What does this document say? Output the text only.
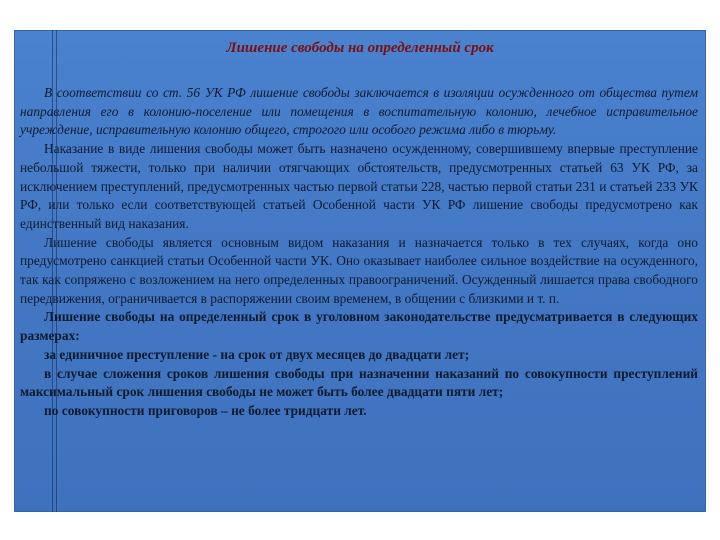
Лишение свободы на определенный срок

В соответствии со ст. 56 УК РФ лишение свободы заключается в изоляции осужденного от общества путем направления его в колонию-поселение или помещения в воспитательную колонию, лечебное исправительное учреждение, исправительную колонию общего, строгого или особого режима либо в тюрьму.

Наказание в виде лишения свободы может быть назначено осужденному, совершившему впервые преступление небольшой тяжести, только при наличии отягчающих обстоятельств, предусмотренных статьей 63 УК РФ, за исключением преступлений, предусмотренных частью первой статьи 228, частью первой статьи 231 и статьей 233 УК РФ, или только если соответствующей статьей Особенной части УК РФ лишение свободы предусмотрено как единственный вид наказания.

Лишение свободы является основным видом наказания и назначается только в тех случаях, когда оно предусмотрено санкцией статьи Особенной части УК. Оно оказывает наиболее сильное воздействие на осужденного, так как сопряжено с возложением на него определенных правоограничений. Осужденный лишается права свободного передвижения, ограничивается в распоряжении своим временем, в общении с близкими и т. п.

Лишение свободы на определенный срок в уголовном законодательстве предусматривается в следующих размерах:

за единичное преступление - на срок от двух месяцев до двадцати лет;

в случае сложения сроков лишения свободы при назначении наказаний по совокупности преступлений максимальный срок лишения свободы не может быть более двадцати пяти лет;

по совокупности приговоров – не более тридцати лет.
